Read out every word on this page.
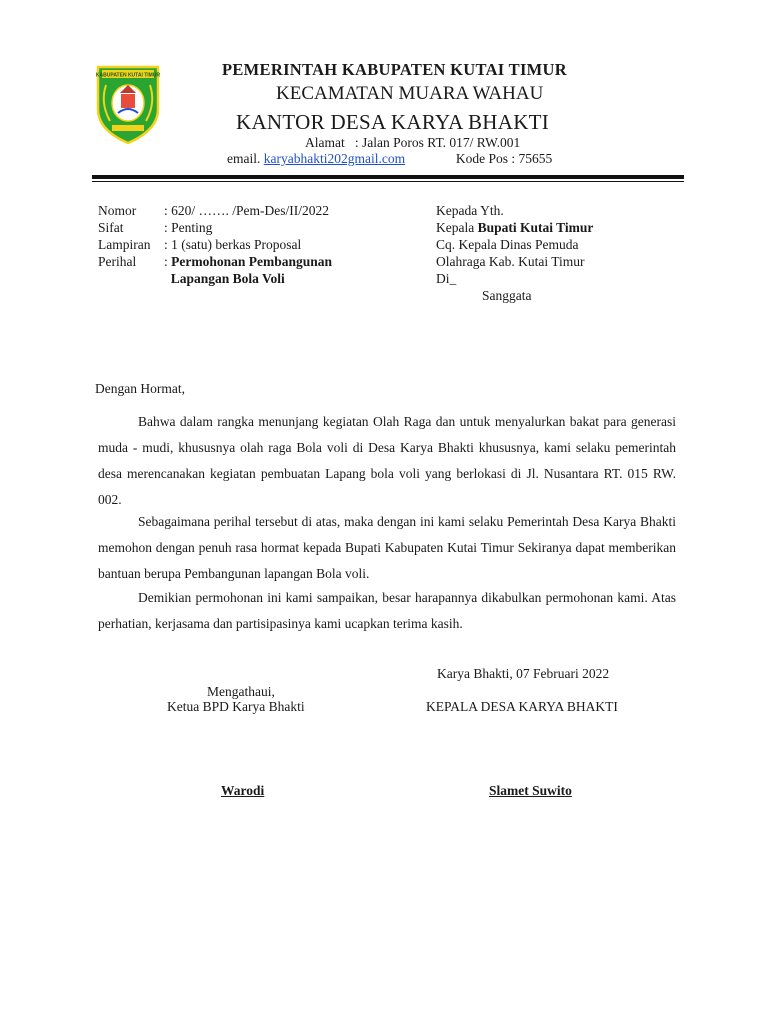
KABUPATEN KUTAI TIMUR	PEMERINTAH KABUPATEN KUTAI TIMUR
KECAMATAN MUARA WAHAU
KANTOR DESA KARYA BHAKTI
Alamat : Jalan Poros RT. 017/ RW.001
email. karyabhakti202gmail.com	Kode Pos : 75655
Nomor : 620/ ……. /Pem-Des/II/2022
Sifat	: Penting
Lampiran : 1 (satu) berkas Proposal
Perihal : Permohonan Pembangunan
Lapangan Bola Voli
Kepada Yth.
Kepala Bupati Kutai Timur
Cq. Kepala Dinas Pemuda
Olahraga Kab. Kutai Timur
Di_
Sanggata
Dengan Hormat,
Bahwa dalam rangka menunjang kegiatan Olah Raga dan untuk menyalurkan bakat para generasi muda - mudi, khususnya olah raga Bola voli di Desa Karya Bhakti khususnya, kami selaku pemerintah desa merencanakan kegiatan pembuatan Lapang bola voli yang berlokasi di Jl. Nusantara RT. 015 RW. 002.
Sebagaimana perihal tersebut di atas, maka dengan ini kami selaku Pemerintah Desa Karya Bhakti memohon dengan penuh rasa hormat kepada Bupati Kabupaten Kutai Timur Sekiranya dapat memberikan bantuan berupa Pembangunan lapangan Bola voli.
Demikian permohonan ini kami sampaikan, besar harapannya dikabulkan permohonan kami. Atas perhatian, kerjasama dan partisipasinya kami ucapkan terima kasih.
Karya Bhakti, 07 Februari 2022
Mengathaui,
Ketua BPD Karya Bhakti	KEPALA DESA KARYA BHAKTI
Warodi	Slamet Suwito
